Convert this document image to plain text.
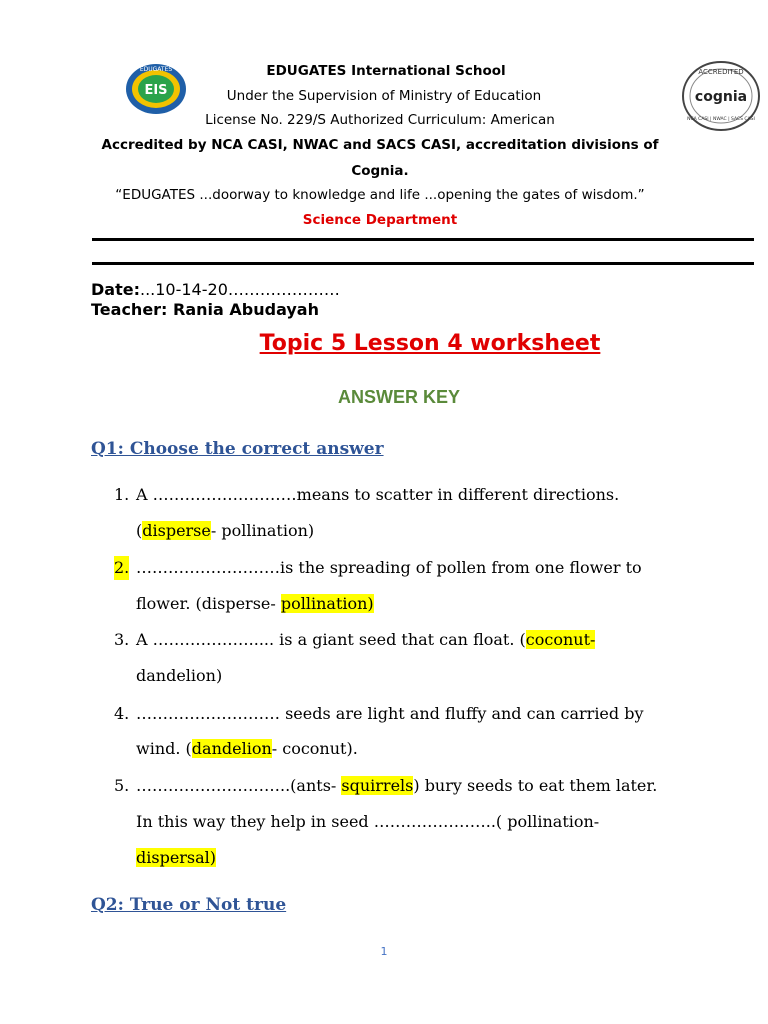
EDUGATES
EIS
ACCREDITED
cognia
NCA CASI | NWAC | SACS CASI
EDUGATES International School
Under the Supervision of Ministry of Education
License No. 229/S Authorized Curriculum: American
Accredited by NCA CASI, NWAC and SACS CASI, accreditation divisions of
Cognia.
“EDUGATES ...doorway to knowledge and life ...opening the gates of wisdom.”
Science Department
Date:...10-14-20…………………
Teacher: Rania Abudayah
Topic 5 Lesson 4 worksheet
ANSWER KEY
Q1: Choose the correct answer
1. A ………………………means to scatter in different directions.
(disperse- pollination)
2. ………………………is the spreading of pollen from one flower to
flower. (disperse- pollination)
3. A ………………..... is a giant seed that can float. (coconut-
dandelion)
4. ……………………… seeds are light and fluffy and can carried by
wind. (dandelion- coconut).
5. ………………………..(ants- squirrels) bury seeds to eat them later.
In this way they help in seed …………………..( pollination-
dispersal)
Q2: True or Not true
1
